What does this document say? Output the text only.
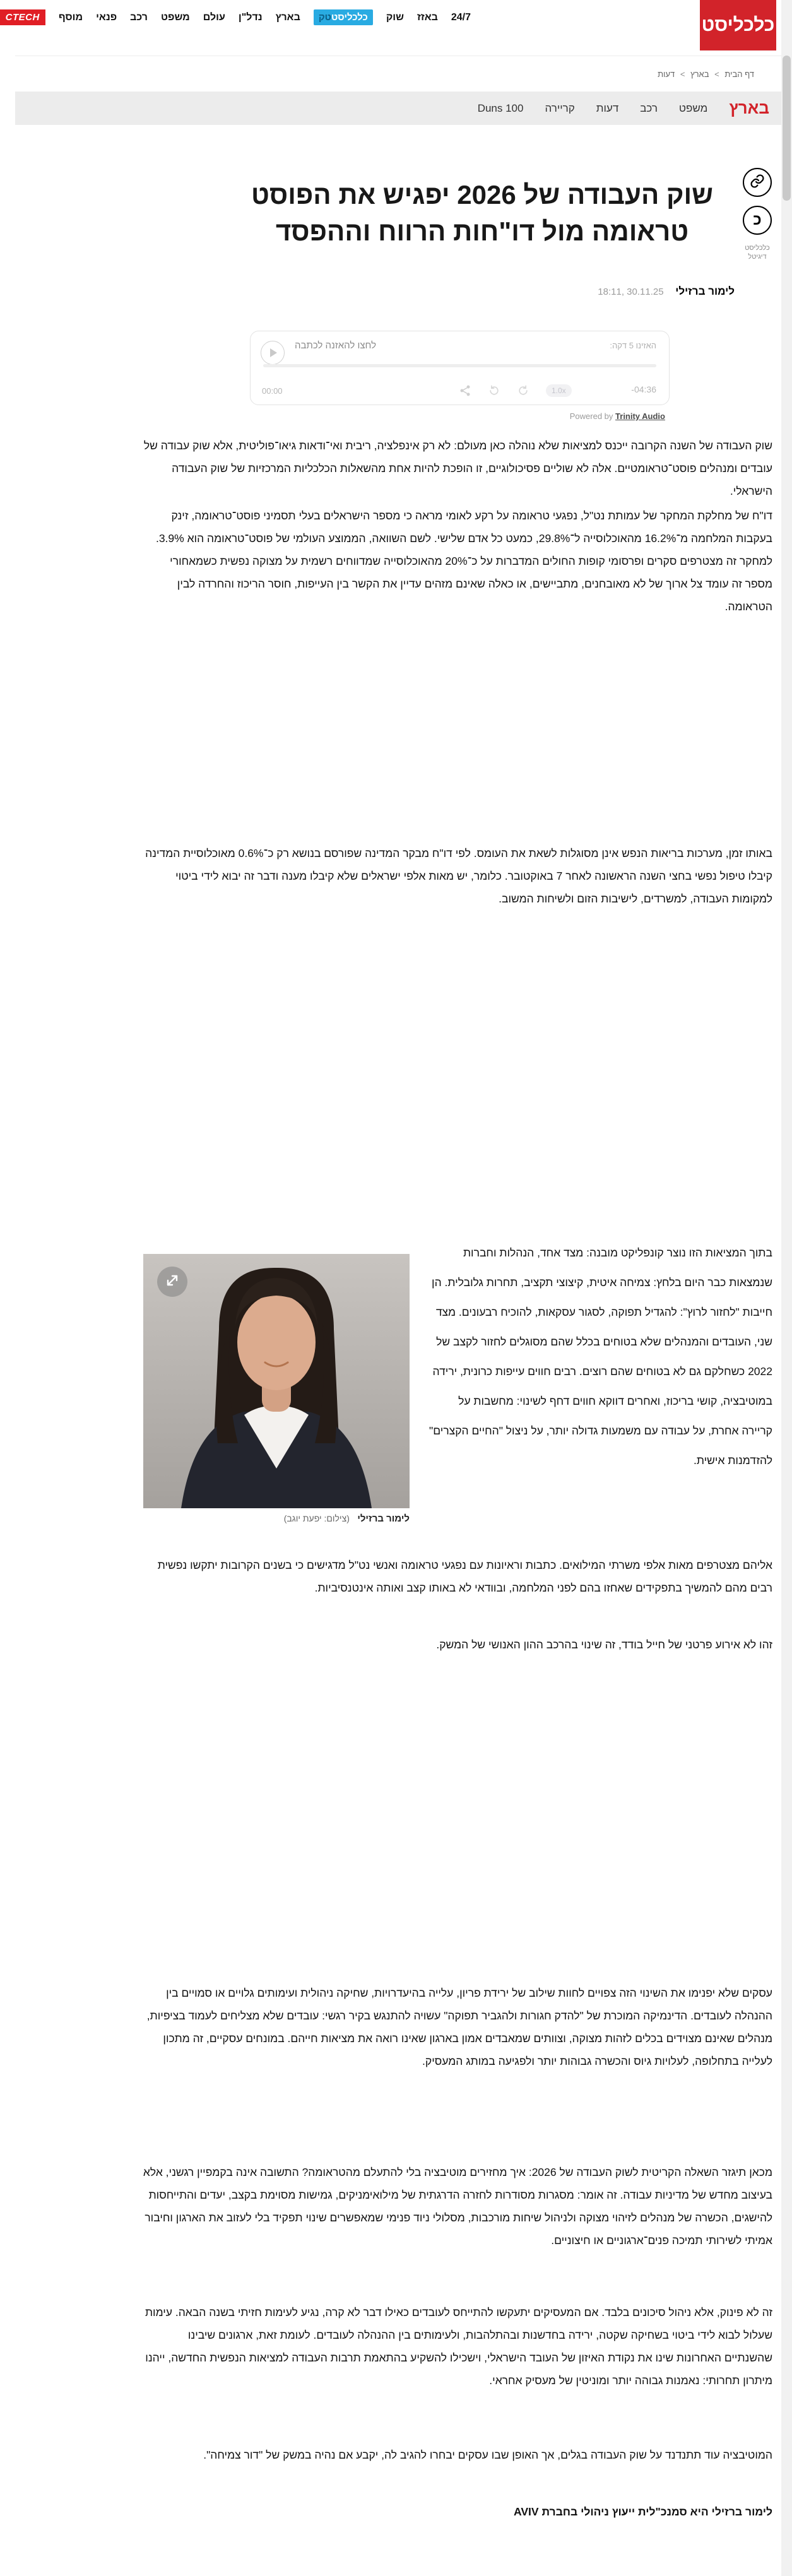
24/7
באזז
שוק
כלכליסטטק
בארץ
נדל"ן
עולם
משפט
רכב
פנאי
מוסף
CTECH	כלכליסט
דף הבית > בארץ > דעות
בארץ
משפט
רכב
דעות
קריירה
Duns 100
שוק העבודה של 2026 יפגיש את הפוסט טראומה מול דו"חות הרווח וההפסד	כ
כלכליסט
דיגיטל
לימור ברזילי 18:11, 30.11.25
האזינו 5 דקה:
לחצו להאזנה לכתבה
00:00	-04:36
1.0x
Powered by Trinity Audio

שוק העבודה של השנה הקרובה ייכנס למציאות שלא נוהלה כאן מעולם: לא רק אינפלציה, ריבית ואי־ודאות גיאו־פוליטית, אלא שוק עבודה של עובדים ומנהלים פוסט־טראומטיים. אלה לא שוליים פסיכולוגיים, זו הופכת להיות אחת מהשאלות הכלכליות המרכזיות של שוק העבודה הישראלי.

דו"ח של מחלקת המחקר של עמותת נט"ל, נפגעי טראומה על רקע לאומי מראה כי מספר הישראלים בעלי תסמיני פוסט־טראומה, זינק בעקבות המלחמה מ־16.2% מהאוכלוסייה ל־29.8%, כמעט כל אדם שלישי. לשם השוואה, הממוצע העולמי של פוסט־טראומה הוא 3.9%. למחקר זה מצטרפים סקרים ופרסומי קופות החולים המדברות על כ־20% מהאוכלוסייה שמדווחים רשמית על מצוקה נפשית כשמאחורי מספר זה עומד צל ארוך של לא מאובחנים, מתביישים, או כאלה שאינם מזהים עדיין את הקשר בין העייפות, חוסר הריכוז והחרדה לבין הטראומה.

באותו זמן, מערכות בריאות הנפש אינן מסוגלות לשאת את העומס. לפי דו"ח מבקר המדינה שפורסם בנושא רק כ־0.6% מאוכלוסיית המדינה קיבלו טיפול נפשי בחצי השנה הראשונה לאחר 7 באוקטובר. כלומר, יש מאות אלפי ישראלים שלא קיבלו מענה ודבר זה יבוא לידי ביטוי למקומות העבודה, למשרדים, לישיבות הזום ולשיחות המשוב.

בתוך המציאות הזו נוצר קונפליקט מובנה: מצד אחד, הנהלות וחברות שנמצאות כבר היום בלחץ: צמיחה איטית, קיצוצי תקציב, תחרות גלובלית. הן חייבות "לחזור לרוץ": להגדיל תפוקה, לסגור עסקאות, להוכיח רבעונים. מצד שני, העובדים והמנהלים שלא בטוחים בכלל שהם מסוגלים לחזור לקצב של 2022 כשחלקם גם לא בטוחים שהם רוצים. רבים חווים עייפות כרונית, ירידה במוטיבציה, קושי בריכוז, ואחרים דווקא חווים דחף לשינוי: מחשבות על קריירה אחרת, על עבודה עם משמעות גדולה יותר, על ניצול "החיים הקצרים" להזדמנות אישית.

אליהם מצטרפים מאות אלפי משרתי המילואים. כתבות וראיונות עם נפגעי טראומה ואנשי נט"ל מדגישים כי בשנים הקרובות יתקשו נפשית רבים מהם להמשיך בתפקידים שאחזו בהם לפני המלחמה, ובוודאי לא באותו קצב ואותה אינטנסיביות.

זהו לא אירוע פרטני של חייל בודד, זה שינוי בהרכב ההון האנושי של המשק.

עסקים שלא יפנימו את השינוי הזה צפויים לחוות שילוב של ירידת פריון, עלייה בהיעדרויות, שחיקה ניהולית ועימותים גלויים או סמויים בין ההנהלה לעובדים. הדינמיקה המוכרת של "להדק חגורות ולהגביר תפוקה" עשויה להתנגש בקיר רגשי: עובדים שלא מצליחים לעמוד בציפיות, מנהלים שאינם מצוידים בכלים לזהות מצוקה, וצוותים שמאבדים אמון בארגון שאינו רואה את מציאות חייהם. במונחים עסקיים, זה מתכון לעלייה בתחלופה, לעלויות גיוס והכשרה גבוהות יותר ולפגיעה במותג המעסיק.

מכאן תיגזר השאלה הקריטית לשוק העבודה של 2026: איך מחזירים מוטיבציה בלי להתעלם מהטראומה? התשובה אינה בקמפיין רגשני, אלא בעיצוב מחדש של מדיניות עבודה. זה אומר: מסגרות מסודרות לחזרה הדרגתית של מילואימניקים, גמישות מסוימת בקצב, יעדים והתייחסות להישגים, הכשרה של מנהלים לזיהוי מצוקה ולניהול שיחות מורכבות, מסלולי ניוד פנימי שמאפשרים שינוי תפקיד בלי לעזוב את הארגון וחיבור אמיתי לשירותי תמיכה פנים־ארגוניים או חיצוניים.

זה לא פינוק, אלא ניהול סיכונים בלבד. אם המעסיקים יתעקשו להתייחס לעובדים כאילו דבר לא קרה, נגיע לעימות חזיתי בשנה הבאה. עימות שעלול לבוא לידי ביטוי בשחיקה שקטה, ירידה בחדשנות ובהתלהבות, ולעימותים בין ההנהלה לעובדים. לעומת זאת, ארגונים שיבינו שהשנתיים האחרונות שינו את נקודת האיזון של העובד הישראלי, וישכילו להשקיע בהתאמת תרבות העבודה למציאות הנפשית החדשה, ייהנו מיתרון תחרותי: נאמנות גבוהה יותר ומוניטין של מעסיק אחראי.

המוטיבציה עוד תתנדנד על שוק העבודה בגלים, אך האופן שבו עסקים יבחרו להגיב לה, יקבע אם נהיה במשק של "דור צמיחה".

לימור ברזילי היא סמנכ"לית ייעוץ ניהולי בחברת AVIV

לימור ברזילי (צילום: יפעת יוגב)
